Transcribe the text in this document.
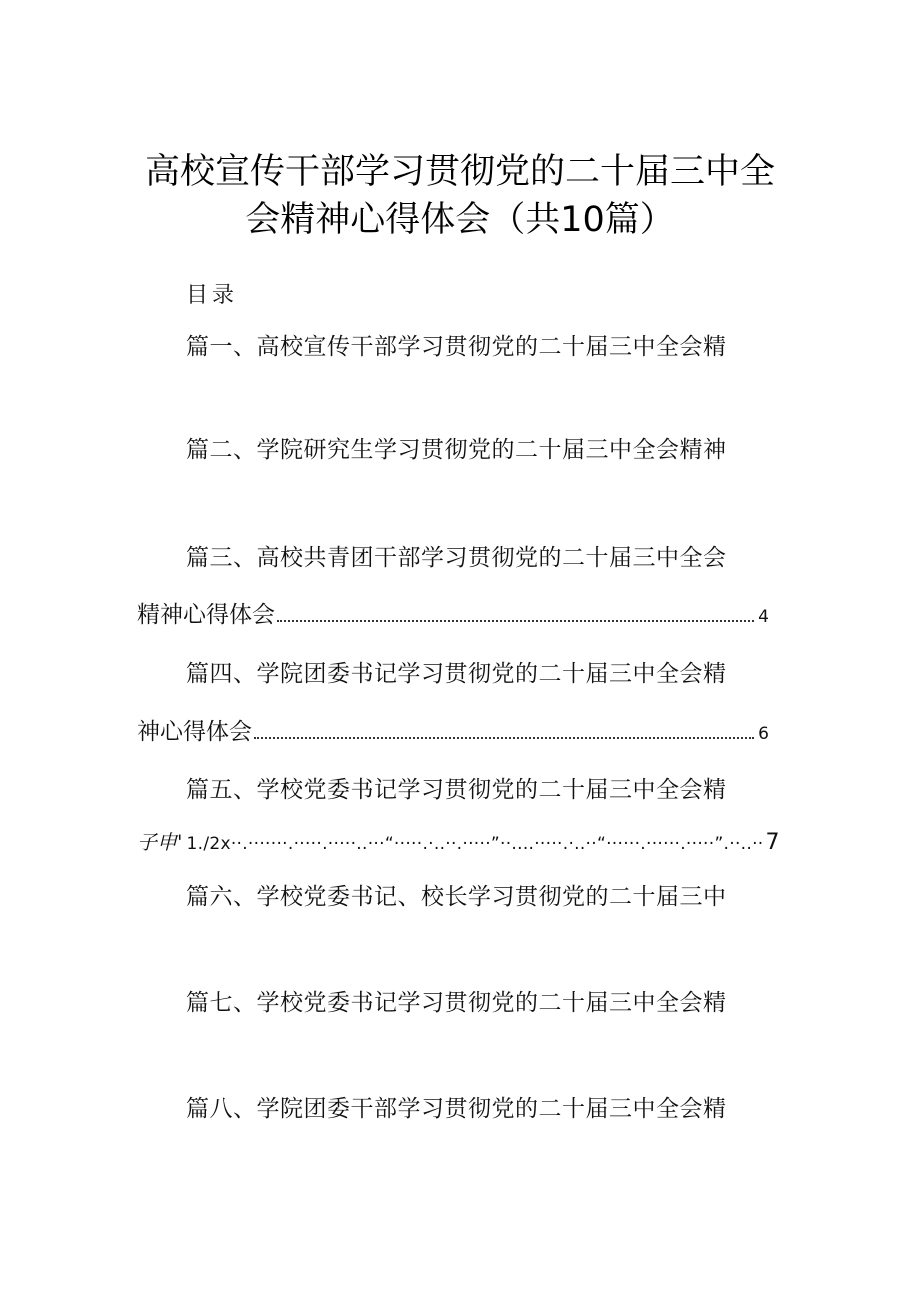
高校宣传干部学习贯彻党的二十届三中全
会精神心得体会（共10篇）
目录
篇一、高校宣传干部学习贯彻党的二十届三中全会精
篇二、学院研究生学习贯彻党的二十届三中全会精神
篇三、高校共青团干部学习贯彻党的二十届三中全会
精神心得体会	4
篇四、学院团委书记学习贯彻党的二十届三中全会精
神心得体会	6
篇五、学校党委书记学习贯彻党的二十届三中全会精
子申' 1./2x··.·······.·····.·····..···“·····.·..··.·····”··....·····.·..··“······.······.·····”.··..·· 7
篇六、学校党委书记、校长学习贯彻党的二十届三中
篇七、学校党委书记学习贯彻党的二十届三中全会精
篇八、学院团委干部学习贯彻党的二十届三中全会精
